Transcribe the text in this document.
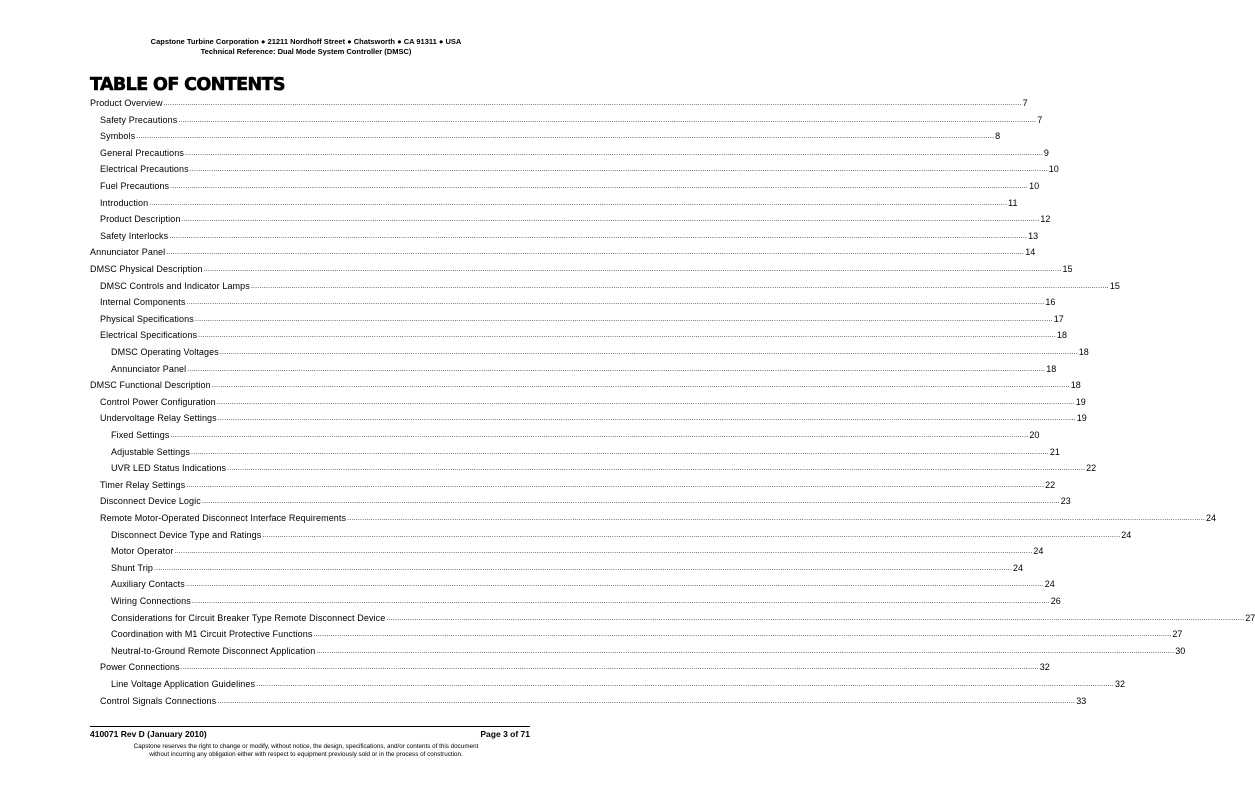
Capstone Turbine Corporation ● 21211 Nordhoff Street ● Chatsworth ● CA 91311 ● USA
Technical Reference: Dual Mode System Controller (DMSC)
TABLE OF CONTENTS
Product Overview ................................................................................................................................................................................................................................................................................................................................................................................................................ 7
Safety Precautions ................................................................................................................................................................................................................................................................................................................................................................................................................ 7
Symbols ................................................................................................................................................................................................................................................................................................................................................................................................................ 8
General Precautions ................................................................................................................................................................................................................................................................................................................................................................................................................ 9
Electrical Precautions ................................................................................................................................................................................................................................................................................................................................................................................................................ 10
Fuel Precautions ................................................................................................................................................................................................................................................................................................................................................................................................................ 10
Introduction ................................................................................................................................................................................................................................................................................................................................................................................................................ 11
Product Description ................................................................................................................................................................................................................................................................................................................................................................................................................ 12
Safety Interlocks ................................................................................................................................................................................................................................................................................................................................................................................................................ 13
Annunciator Panel ................................................................................................................................................................................................................................................................................................................................................................................................................ 14
DMSC Physical Description ................................................................................................................................................................................................................................................................................................................................................................................................................ 15
DMSC Controls and Indicator Lamps ................................................................................................................................................................................................................................................................................................................................................................................................................ 15
Internal Components ................................................................................................................................................................................................................................................................................................................................................................................................................ 16
Physical Specifications ................................................................................................................................................................................................................................................................................................................................................................................................................ 17
Electrical Specifications ................................................................................................................................................................................................................................................................................................................................................................................................................ 18
DMSC Operating Voltages ................................................................................................................................................................................................................................................................................................................................................................................................................ 18
Annunciator Panel ................................................................................................................................................................................................................................................................................................................................................................................................................ 18
DMSC Functional Description ................................................................................................................................................................................................................................................................................................................................................................................................................ 18
Control Power Configuration ................................................................................................................................................................................................................................................................................................................................................................................................................ 19
Undervoltage Relay Settings ................................................................................................................................................................................................................................................................................................................................................................................................................ 19
Fixed Settings ................................................................................................................................................................................................................................................................................................................................................................................................................ 20
Adjustable Settings ................................................................................................................................................................................................................................................................................................................................................................................................................ 21
UVR LED Status Indications ................................................................................................................................................................................................................................................................................................................................................................................................................ 22
Timer Relay Settings ................................................................................................................................................................................................................................................................................................................................................................................................................ 22
Disconnect Device Logic ................................................................................................................................................................................................................................................................................................................................................................................................................ 23
Remote Motor-Operated Disconnect Interface Requirements ................................................................................................................................................................................................................................................................................................................................................................................................................ 24
Disconnect Device Type and Ratings ................................................................................................................................................................................................................................................................................................................................................................................................................ 24
Motor Operator ................................................................................................................................................................................................................................................................................................................................................................................................................ 24
Shunt Trip ................................................................................................................................................................................................................................................................................................................................................................................................................ 24
Auxiliary Contacts ................................................................................................................................................................................................................................................................................................................................................................................................................ 24
Wiring Connections ................................................................................................................................................................................................................................................................................................................................................................................................................ 26
Considerations for Circuit Breaker Type Remote Disconnect Device ................................................................................................................................................................................................................................................................................................................................................................................................................ 27
Coordination with M1 Circuit Protective Functions ................................................................................................................................................................................................................................................................................................................................................................................................................ 27
Neutral-to-Ground Remote Disconnect Application ................................................................................................................................................................................................................................................................................................................................................................................................................ 30
Power Connections ................................................................................................................................................................................................................................................................................................................................................................................................................ 32
Line Voltage Application Guidelines ................................................................................................................................................................................................................................................................................................................................................................................................................ 32
Control Signals Connections ................................................................................................................................................................................................................................................................................................................................................................................................................ 33
410071 Rev D (January 2010)	Page 3 of 71
Capstone reserves the right to change or modify, without notice, the design, specifications, and/or contents of this document
without incurring any obligation either with respect to equipment previously sold or in the process of construction.
